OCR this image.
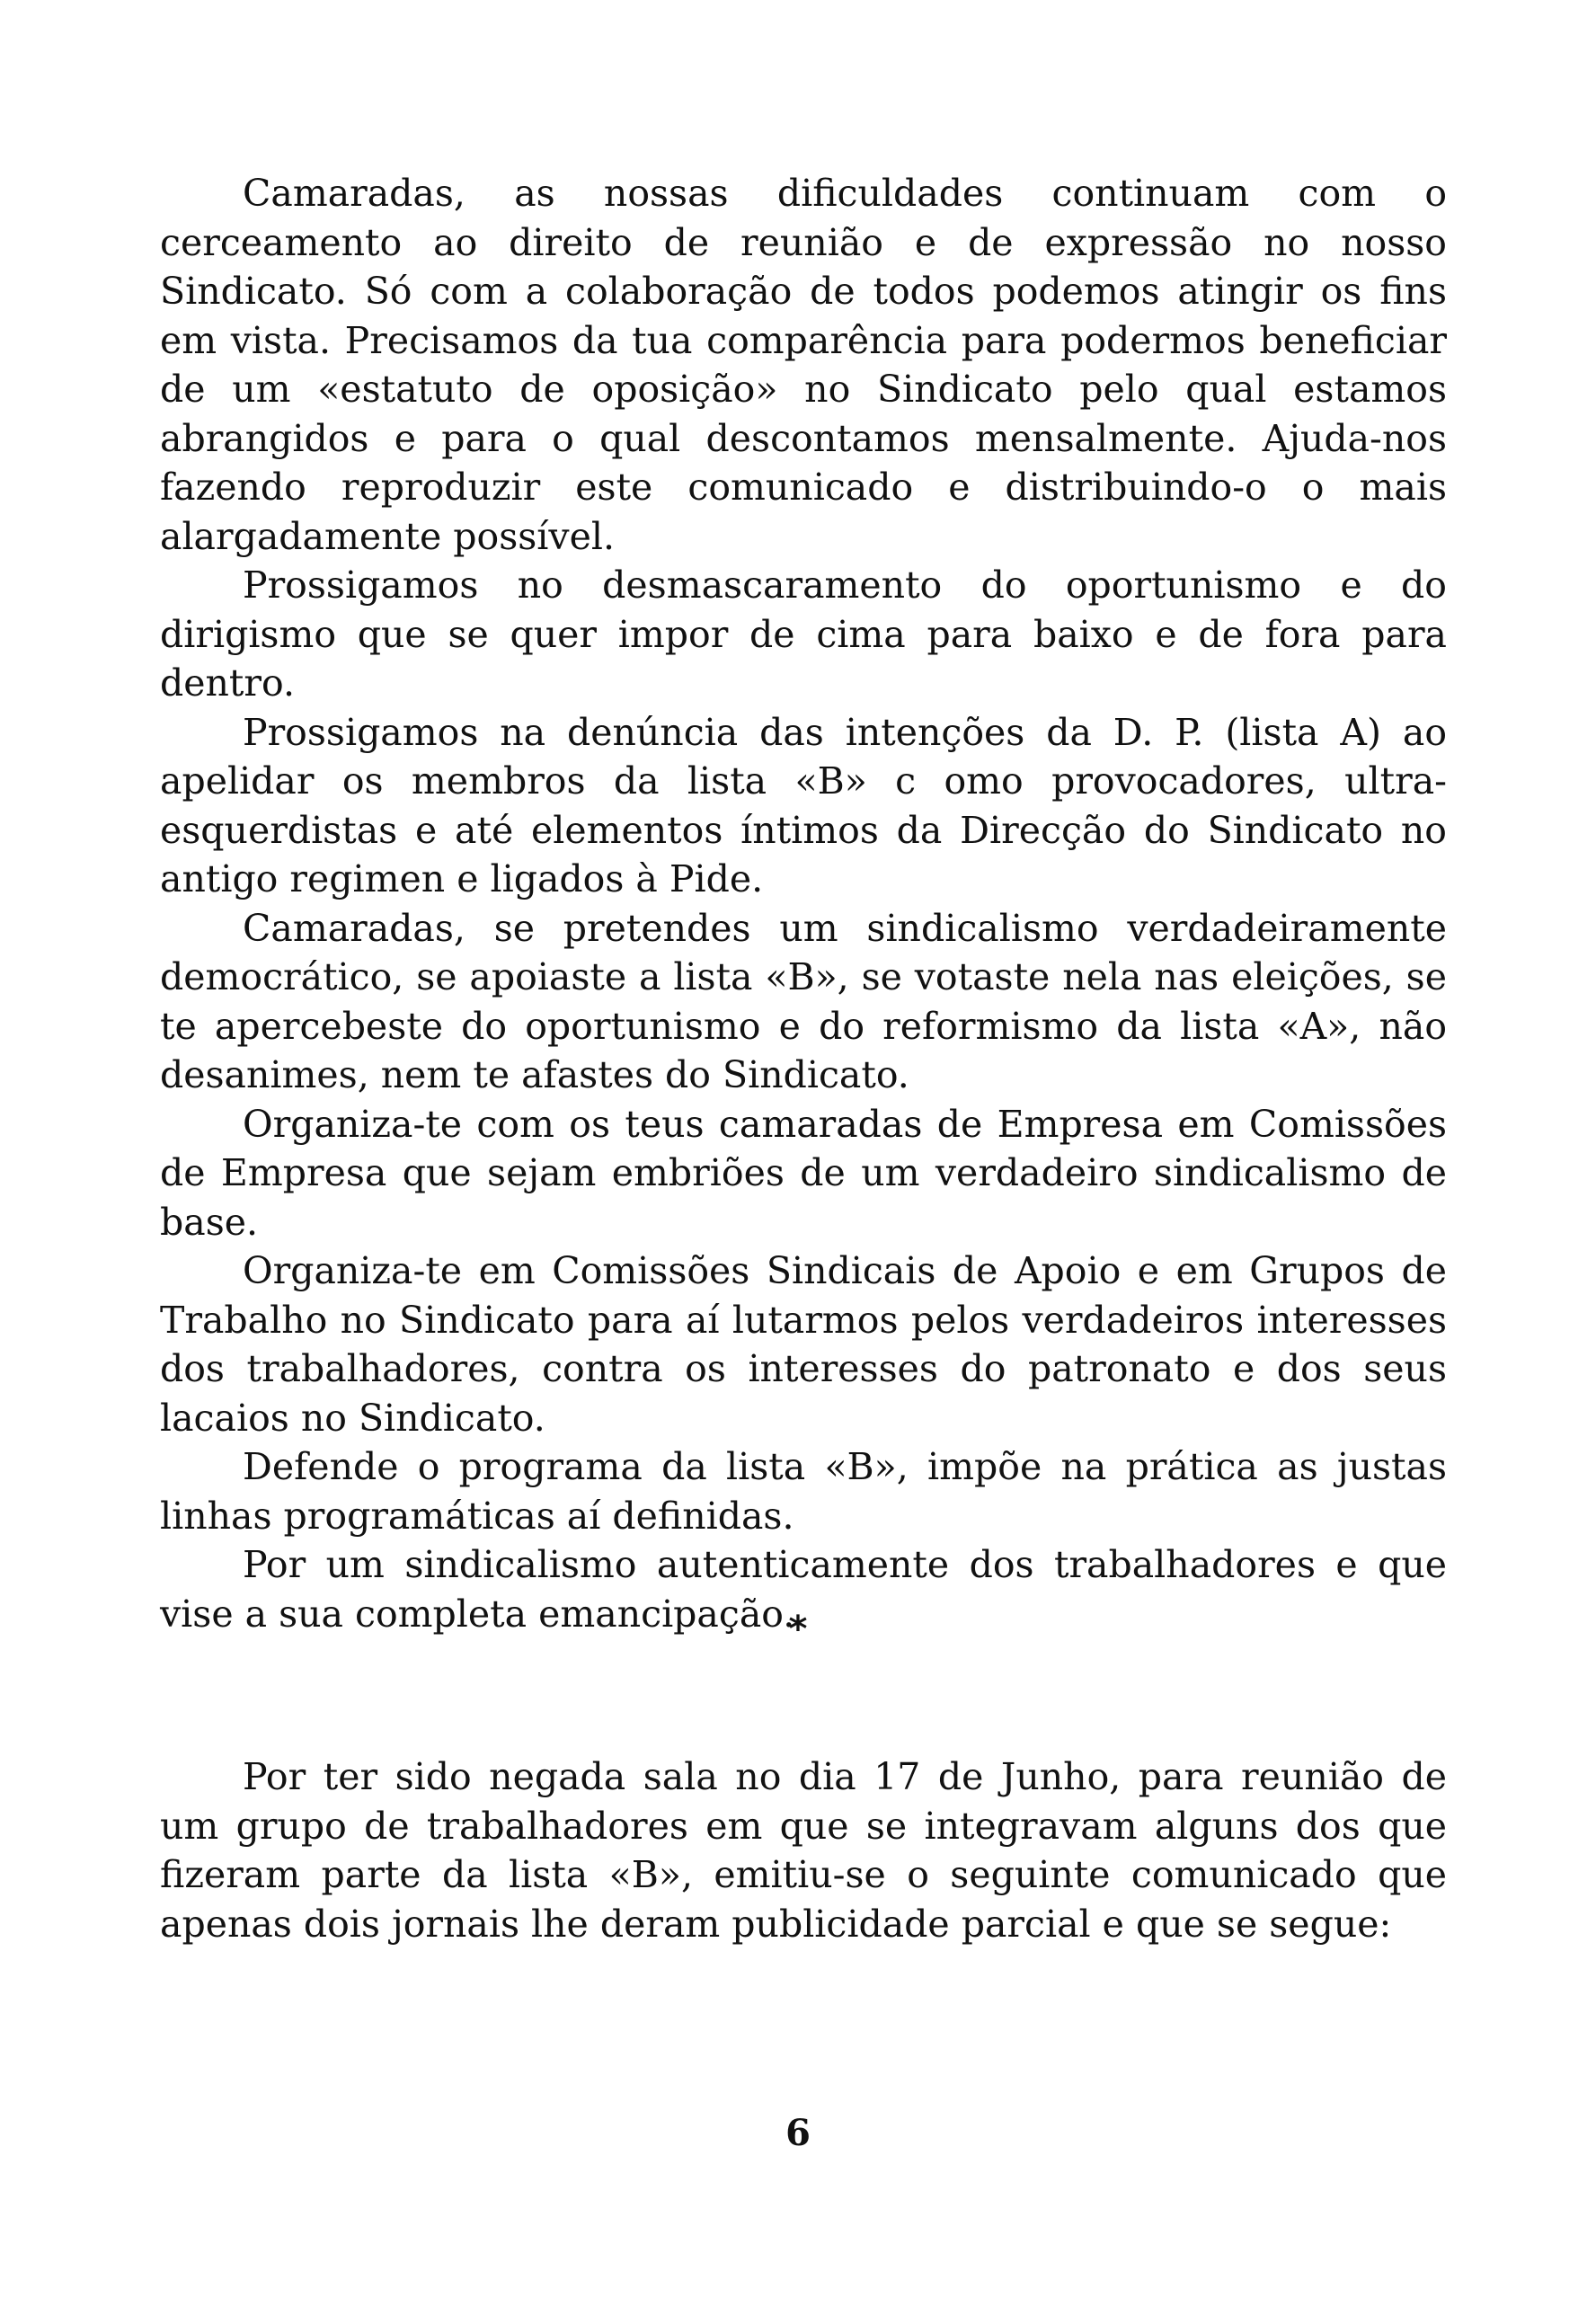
Camaradas, as nossas dificuldades continuam com o cerceamento ao direito de reunião e de expressão no nosso Sindicato. Só com a colaboração de todos podemos atingir os fins em vista. Precisamos da tua comparência para podermos beneficiar de um «estatuto de oposição» no Sindicato pelo qual estamos abrangidos e para o qual descontamos mensalmente. Ajuda-nos fazendo reproduzir este comunicado e distribuindo-o o mais alargadamente possível.

Prossigamos no desmascaramento do oportunismo e do dirigismo que se quer impor de cima para baixo e de fora para dentro.

Prossigamos na denúncia das intenções da D. P. (lista A) ao apelidar os membros da lista «B» c omo provocadores, ultra-esquerdistas e até elementos íntimos da Direcção do Sindicato no antigo regimen e ligados à Pide.

Camaradas, se pretendes um sindicalismo verdadeiramente democrático, se apoiaste a lista «B», se votaste nela nas eleições, se te apercebeste do oportunismo e do reformismo da lista «A», não desanimes, nem te afastes do Sindicato.

Organiza-te com os teus camaradas de Empresa em Comissões de Empresa que sejam embriões de um verdadeiro sindicalismo de base.

Organiza-te em Comissões Sindicais de Apoio e em Grupos de Trabalho no Sindicato para aí lutarmos pelos verdadeiros interesses dos trabalhadores, contra os interesses do patronato e dos seus lacaios no Sindicato.

Defende o programa da lista «B», impõe na prática as justas linhas programáticas aí definidas.

Por um sindicalismo autenticamente dos trabalhadores e que vise a sua completa emancipação.

*

Por ter sido negada sala no dia 17 de Junho, para reunião de um grupo de trabalhadores em que se integravam alguns dos que fizeram parte da lista «B», emitiu-se o seguinte comunicado que apenas dois jornais lhe deram publicidade parcial e que se segue:

6
